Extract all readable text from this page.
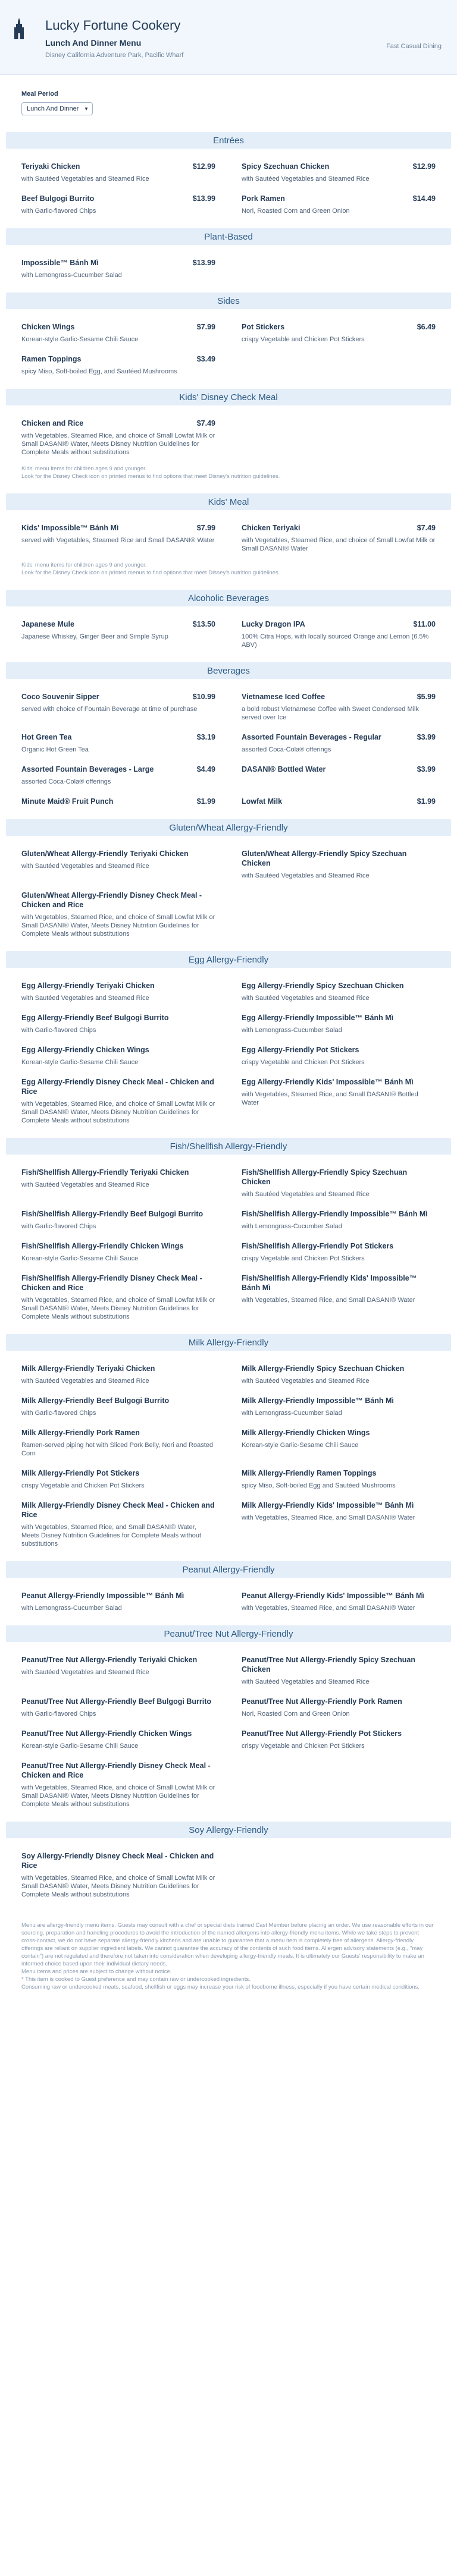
Lucky Fortune Cookery
Lunch And Dinner Menu
Disney California Adventure Park, Pacific Wharf
Fast Casual Dining
Meal Period
Lunch And Dinner ▾
Entrées
Teriyaki Chicken	$12.99
with Sautéed Vegetables and Steamed Rice
Spicy Szechuan Chicken	$12.99
with Sautéed Vegetables and Steamed Rice
Beef Bulgogi Burrito	$13.99
with Garlic-flavored Chips
Pork Ramen	$14.49
Nori, Roasted Corn and Green Onion
Plant-Based
Impossible™ Bánh Mì	$13.99
with Lemongrass-Cucumber Salad
Sides
Chicken Wings	$7.99
Korean-style Garlic-Sesame Chili Sauce
Pot Stickers	$6.49
crispy Vegetable and Chicken Pot Stickers
Ramen Toppings	$3.49
spicy Miso, Soft-boiled Egg, and Sautéed Mushrooms
Kids' Disney Check Meal
Chicken and Rice	$7.49
with Vegetables, Steamed Rice, and choice of Small Lowfat Milk or Small DASANI® Water, Meets Disney Nutrition Guidelines for Complete Meals without substitutions
Kids' menu items for children ages 9 and younger.
Look for the Disney Check icon on printed menus to find options that meet Disney's nutrition guidelines.
Kids' Meal
Kids' Impossible™ Bánh Mì	$7.99
served with Vegetables, Steamed Rice and Small DASANI® Water
Chicken Teriyaki	$7.49
with Vegetables, Steamed Rice, and choice of Small Lowfat Milk or Small DASANI® Water
Kids' menu items for children ages 9 and younger.
Look for the Disney Check icon on printed menus to find options that meet Disney's nutrition guidelines.
Alcoholic Beverages
Japanese Mule	$13.50
Japanese Whiskey, Ginger Beer and Simple Syrup
Lucky Dragon IPA	$11.00
100% Citra Hops, with locally sourced Orange and Lemon (6.5% ABV)
Beverages
Coco Souvenir Sipper	$10.99
served with choice of Fountain Beverage at time of purchase
Vietnamese Iced Coffee	$5.99
a bold robust Vietnamese Coffee with Sweet Condensed Milk served over Ice
Hot Green Tea	$3.19
Organic Hot Green Tea
Assorted Fountain Beverages - Regular	$3.99
assorted Coca-Cola® offerings
Assorted Fountain Beverages - Large	$4.49
assorted Coca-Cola® offerings
DASANI® Bottled Water	$3.99
Minute Maid® Fruit Punch	$1.99	Lowfat Milk	$1.99
Gluten/Wheat Allergy-Friendly
Gluten/Wheat Allergy-Friendly Teriyaki Chicken
with Sautéed Vegetables and Steamed Rice
Gluten/Wheat Allergy-Friendly Spicy Szechuan Chicken
with Sautéed Vegetables and Steamed Rice
Gluten/Wheat Allergy-Friendly Disney Check Meal - Chicken and Rice
with Vegetables, Steamed Rice, and choice of Small Lowfat Milk or Small DASANI® Water, Meets Disney Nutrition Guidelines for Complete Meals without substitutions
Egg Allergy-Friendly
Egg Allergy-Friendly Teriyaki Chicken
with Sautéed Vegetables and Steamed Rice
Egg Allergy-Friendly Spicy Szechuan Chicken
with Sautéed Vegetables and Steamed Rice
Egg Allergy-Friendly Beef Bulgogi Burrito
with Garlic-flavored Chips
Egg Allergy-Friendly Impossible™ Bánh Mì
with Lemongrass-Cucumber Salad
Egg Allergy-Friendly Chicken Wings
Korean-style Garlic-Sesame Chili Sauce
Egg Allergy-Friendly Pot Stickers
crispy Vegetable and Chicken Pot Stickers
Egg Allergy-Friendly Disney Check Meal - Chicken and Rice
with Vegetables, Steamed Rice, and choice of Small Lowfat Milk or Small DASANI® Water, Meets Disney Nutrition Guidelines for Complete Meals without substitutions
Egg Allergy-Friendly Kids' Impossible™ Bánh Mì
with Vegetables, Steamed Rice, and Small DASANI® Bottled Water
Fish/Shellfish Allergy-Friendly
Fish/Shellfish Allergy-Friendly Teriyaki Chicken
with Sautéed Vegetables and Steamed Rice
Fish/Shellfish Allergy-Friendly Spicy Szechuan Chicken
with Sautéed Vegetables and Steamed Rice
Fish/Shellfish Allergy-Friendly Beef Bulgogi Burrito
with Garlic-flavored Chips
Fish/Shellfish Allergy-Friendly Impossible™ Bánh Mì
with Lemongrass-Cucumber Salad
Fish/Shellfish Allergy-Friendly Chicken Wings
Korean-style Garlic-Sesame Chili Sauce
Fish/Shellfish Allergy-Friendly Pot Stickers
crispy Vegetable and Chicken Pot Stickers
Fish/Shellfish Allergy-Friendly Disney Check Meal - Chicken and Rice
with Vegetables, Steamed Rice, and choice of Small Lowfat Milk or Small DASANI® Water, Meets Disney Nutrition Guidelines for Complete Meals without substitutions
Fish/Shellfish Allergy-Friendly Kids' Impossible™ Bánh Mì
with Vegetables, Steamed Rice, and Small DASANI® Water
Milk Allergy-Friendly
Milk Allergy-Friendly Teriyaki Chicken
with Sautéed Vegetables and Steamed Rice
Milk Allergy-Friendly Spicy Szechuan Chicken
with Sautéed Vegetables and Steamed Rice
Milk Allergy-Friendly Beef Bulgogi Burrito
with Garlic-flavored Chips
Milk Allergy-Friendly Impossible™ Bánh Mì
with Lemongrass-Cucumber Salad
Milk Allergy-Friendly Pork Ramen
Ramen-served piping hot with Sliced Pork Belly, Nori and Roasted Corn
Milk Allergy-Friendly Chicken Wings
Korean-style Garlic-Sesame Chili Sauce
Milk Allergy-Friendly Pot Stickers
crispy Vegetable and Chicken Pot Stickers
Milk Allergy-Friendly Ramen Toppings
spicy Miso, Soft-boiled Egg and Sautéed Mushrooms
Milk Allergy-Friendly Disney Check Meal - Chicken and Rice
with Vegetables, Steamed Rice, and Small DASANI® Water, Meets Disney Nutrition Guidelines for Complete Meals without substitutions
Milk Allergy-Friendly Kids' Impossible™ Bánh Mì
with Vegetables, Steamed Rice, and Small DASANI® Water
Peanut Allergy-Friendly
Peanut Allergy-Friendly Impossible™ Bánh Mì
with Lemongrass-Cucumber Salad
Peanut Allergy-Friendly Kids' Impossible™ Bánh Mì
with Vegetables, Steamed Rice, and Small DASANI® Water
Peanut/Tree Nut Allergy-Friendly
Peanut/Tree Nut Allergy-Friendly Teriyaki Chicken
with Sautéed Vegetables and Steamed Rice
Peanut/Tree Nut Allergy-Friendly Spicy Szechuan Chicken
with Sautéed Vegetables and Steamed Rice
Peanut/Tree Nut Allergy-Friendly Beef Bulgogi Burrito
with Garlic-flavored Chips
Peanut/Tree Nut Allergy-Friendly Pork Ramen
Nori, Roasted Corn and Green Onion
Peanut/Tree Nut Allergy-Friendly Chicken Wings
Korean-style Garlic-Sesame Chili Sauce
Peanut/Tree Nut Allergy-Friendly Pot Stickers
crispy Vegetable and Chicken Pot Stickers
Peanut/Tree Nut Allergy-Friendly Disney Check Meal - Chicken and Rice
with Vegetables, Steamed Rice, and choice of Small Lowfat Milk or Small DASANI® Water, Meets Disney Nutrition Guidelines for Complete Meals without substitutions
Soy Allergy-Friendly
Soy Allergy-Friendly Disney Check Meal - Chicken and Rice
with Vegetables, Steamed Rice, and choice of Small Lowfat Milk or Small DASANI® Water, Meets Disney Nutrition Guidelines for Complete Meals without substitutions
Menu are allergy-friendly menu items. Guests may consult with a chef or special diets trained Cast Member before placing an order. We use reasonable efforts in our sourcing, preparation and handling procedures to avoid the introduction of the named allergens into allergy-friendly menu items. While we take steps to prevent cross-contact, we do not have separate allergy-friendly kitchens and are unable to guarantee that a menu item is completely free of allergens. Allergy-friendly offerings are reliant on supplier ingredient labels. We cannot guarantee the accuracy of the contents of such food items. Allergen advisory statements (e.g., "may contain") are not regulated and therefore not taken into consideration when developing allergy-friendly meals. It is ultimately our Guests' responsibility to make an informed choice based upon their individual dietary needs.
Menu items and prices are subject to change without notice.
* This item is cooked to Guest preference and may contain raw or undercooked ingredients.
Consuming raw or undercooked meats, seafood, shellfish or eggs may increase your risk of foodborne illness, especially if you have certain medical conditions.
